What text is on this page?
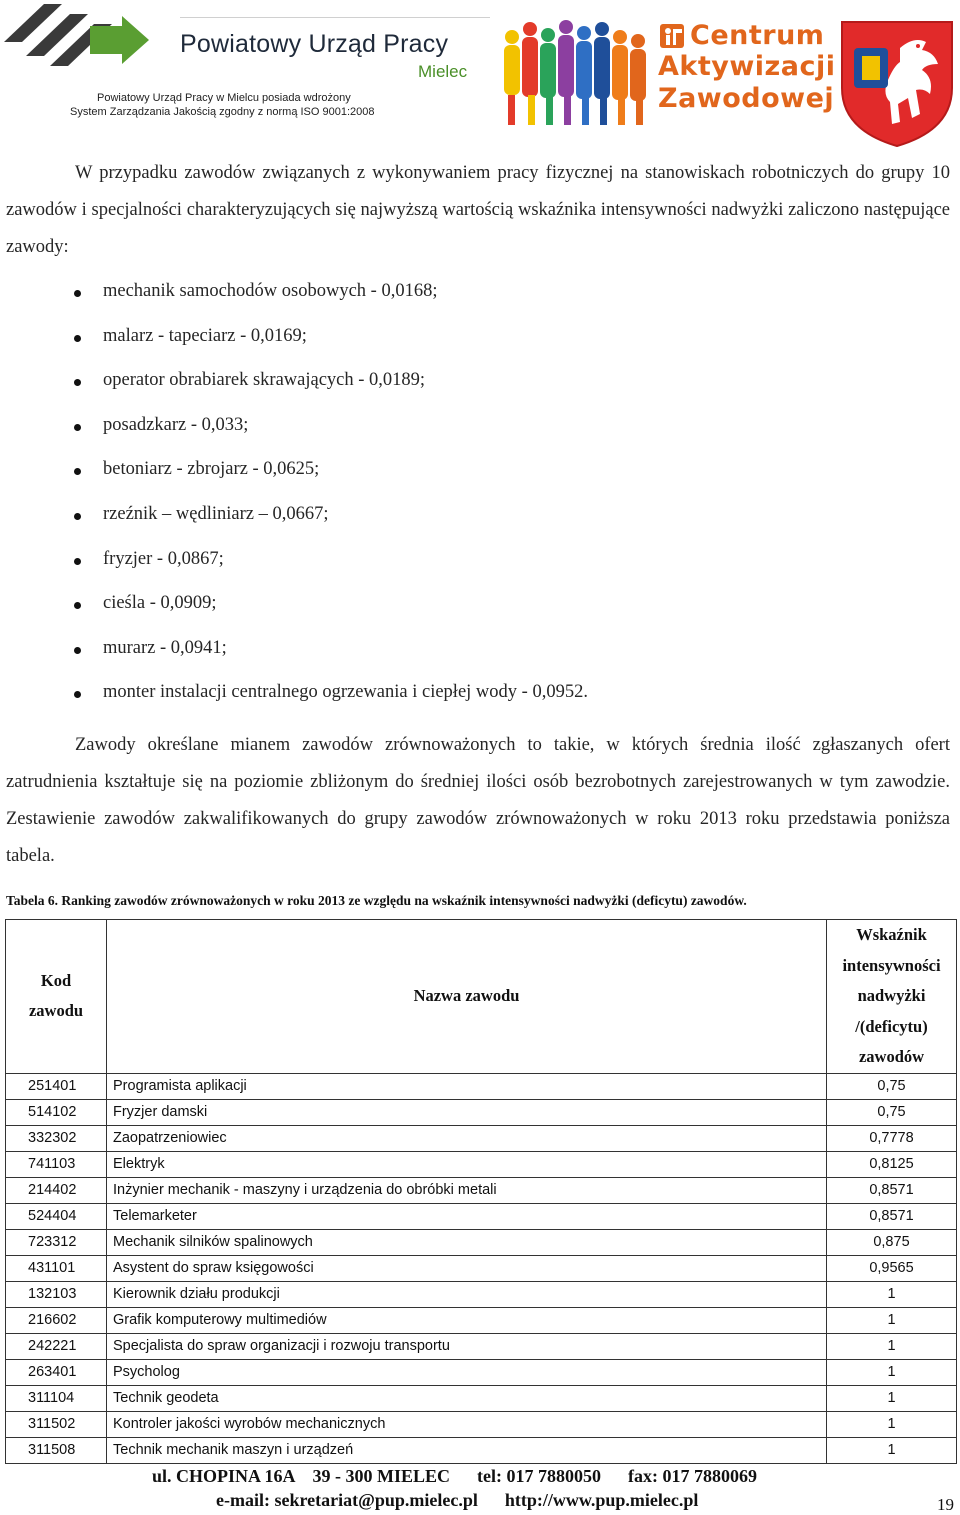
Powiatowy Urząd Pracy
Mielec
Powiatowy Urząd Pracy w Mielcu posiada wdrożony
System Zarządzania Jakością zgodny z normą ISO 9001:2008
Centrum
Aktywizacji
Zawodowej
W przypadku zawodów związanych z wykonywaniem pracy fizycznej na stanowiskach robotniczych do grupy 10 zawodów i specjalności charakteryzujących się najwyższą wartością wskaźnika intensywności nadwyżki zaliczono następujące zawody:
mechanik samochodów osobowych - 0,0168;
malarz - tapeciarz - 0,0169;
operator obrabiarek skrawających - 0,0189;
posadzkarz - 0,033;
betoniarz - zbrojarz - 0,0625;
rzeźnik – wędliniarz – 0,0667;
fryzjer - 0,0867;
cieśla - 0,0909;
murarz - 0,0941;
monter instalacji centralnego ogrzewania i ciepłej wody - 0,0952.
Zawody określane mianem zawodów zrównoważonych to takie, w których średnia ilość zgłaszanych ofert zatrudnienia kształtuje się na poziomie zbliżonym do średniej ilości osób bezrobotnych zarejestrowanych w tym zawodzie. Zestawienie zawodów zakwalifikowanych do grupy zawodów zrównoważonych w roku 2013 roku przedstawia poniższa tabela.
Tabela 6. Ranking zawodów zrównoważonych w roku 2013 ze względu na wskaźnik intensywności nadwyżki (deficytu) zawodów.
Kod
zawodu	Nazwa zawodu	Wskaźnik
intensywności
nadwyżki
/(deficytu)
zawodów

251401	Programista aplikacji	0,75
514102	Fryzjer damski	0,75
332302	Zaopatrzeniowiec	0,7778
741103	Elektryk	0,8125
214402	Inżynier mechanik - maszyny i urządzenia do obróbki metali	0,8571
524404	Telemarketer	0,8571
723312	Mechanik silników spalinowych	0,875
431101	Asystent do spraw księgowości	0,9565
132103	Kierownik działu produkcji	1
216602	Grafik komputerowy multimediów	1
242221	Specjalista do spraw organizacji i rozwoju transportu	1
263401	Psycholog	1
311104	Technik geodeta	1
311502	Kontroler jakości wyrobów mechanicznych	1
311508	Technik mechanik maszyn i urządzeń	1
ul. CHOPINA 16A    39 - 300 MIELEC      tel: 017 7880050      fax: 017 7880069
e-mail: sekretariat@pup.mielec.pl      http://www.pup.mielec.pl	19
